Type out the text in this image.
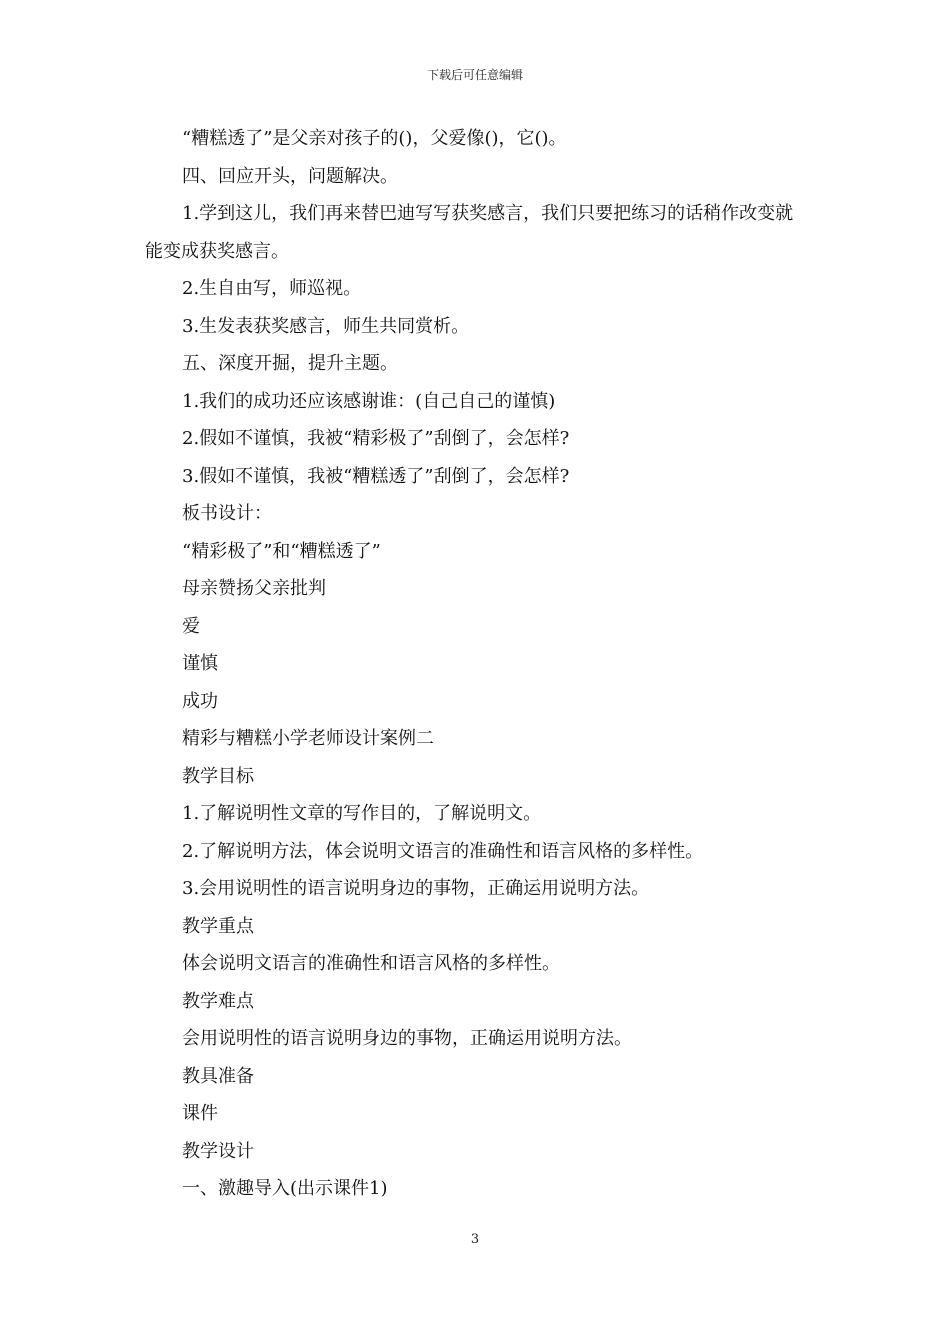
下载后可任意编辑

“糟糕透了”是父亲对孩子的()，父爱像()，它()。

四、回应开头，问题解决。

1.学到这儿，我们再来替巴迪写写获奖感言，我们只要把练习的话稍作改变就能变成获奖感言。

2.生自由写，师巡视。

3.生发表获奖感言，师生共同赏析。

五、深度开掘，提升主题。

1.我们的成功还应该感谢谁：(自己自己的谨慎)

2.假如不谨慎，我被“精彩极了”刮倒了，会怎样?

3.假如不谨慎，我被“糟糕透了”刮倒了，会怎样?

板书设计：

“精彩极了”和“糟糕透了”

母亲赞扬父亲批判

爱

谨慎

成功

精彩与糟糕小学老师设计案例二

教学目标

1.了解说明性文章的写作目的，了解说明文。

2.了解说明方法，体会说明文语言的准确性和语言风格的多样性。

3.会用说明性的语言说明身边的事物，正确运用说明方法。

教学重点

体会说明文语言的准确性和语言风格的多样性。

教学难点

会用说明性的语言说明身边的事物，正确运用说明方法。

教具准备

课件

教学设计

一、激趣导入(出示课件1)

3
